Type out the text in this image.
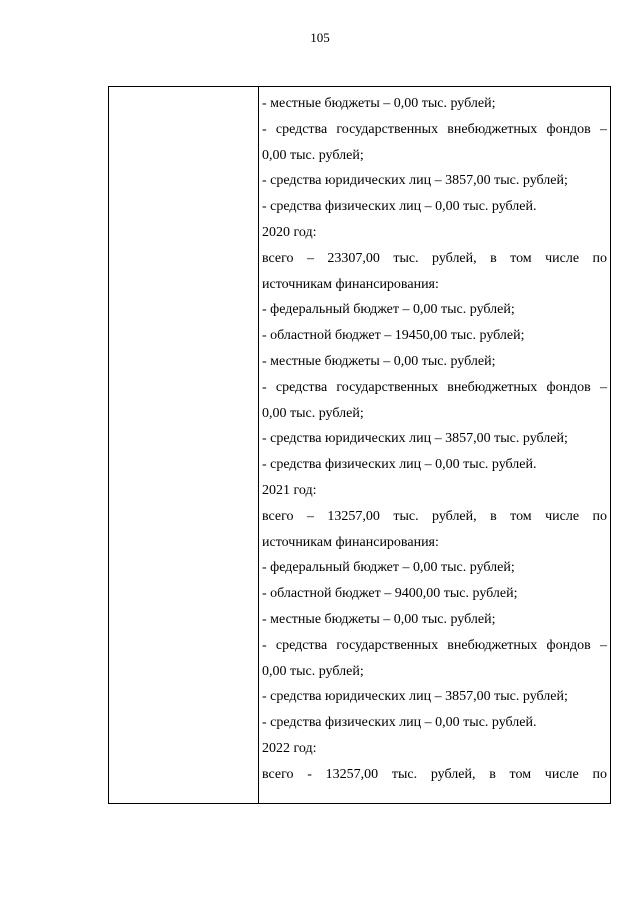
105
- местные бюджеты – 0,00 тыс. рублей;
- средства государственных внебюджетных фондов –
0,00 тыс. рублей;
- средства юридических лиц – 3857,00 тыс. рублей;
- средства физических лиц – 0,00 тыс. рублей.
2020 год:
всего – 23307,00 тыс. рублей, в том числе по
источникам финансирования:
- федеральный бюджет – 0,00 тыс. рублей;
- областной бюджет – 19450,00 тыс. рублей;
- местные бюджеты – 0,00 тыс. рублей;
- средства государственных внебюджетных фондов –
0,00 тыс. рублей;
- средства юридических лиц – 3857,00 тыс. рублей;
- средства физических лиц – 0,00 тыс. рублей.
2021 год:
всего – 13257,00 тыс. рублей, в том числе по
источникам финансирования:
- федеральный бюджет – 0,00 тыс. рублей;
- областной бюджет – 9400,00 тыс. рублей;
- местные бюджеты – 0,00 тыс. рублей;
- средства государственных внебюджетных фондов –
0,00 тыс. рублей;
- средства юридических лиц – 3857,00 тыс. рублей;
- средства физических лиц – 0,00 тыс. рублей.
2022 год:
всего - 13257,00 тыс. рублей, в том числе по
